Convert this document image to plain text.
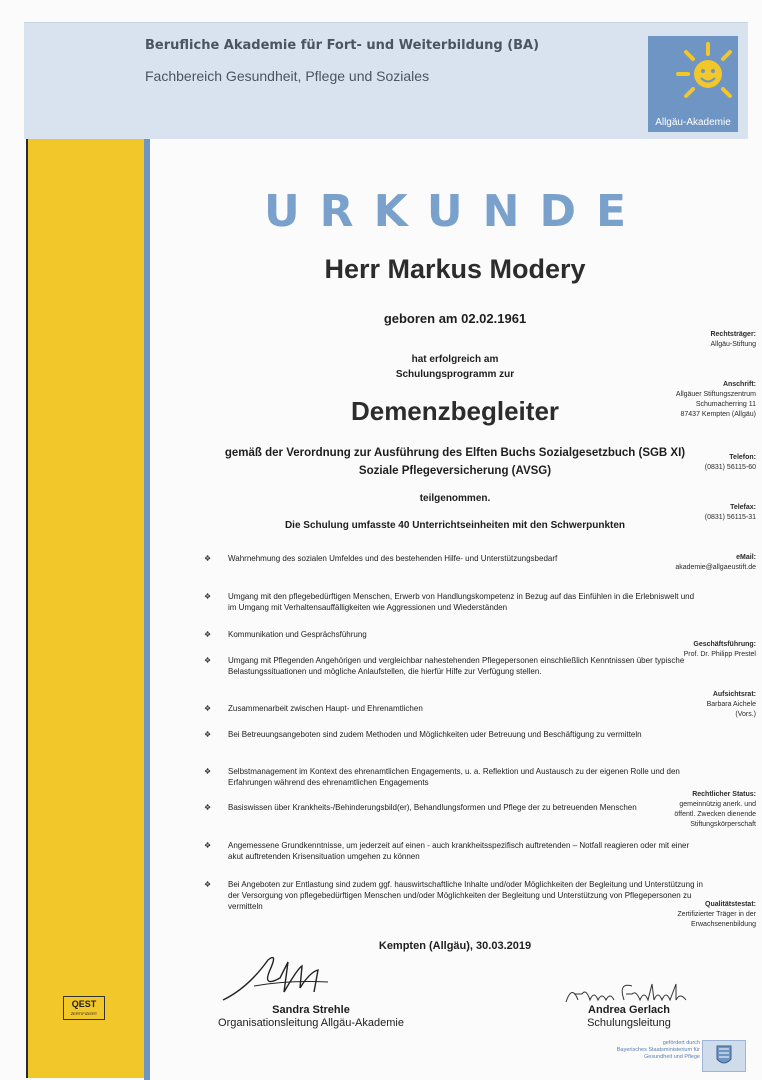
Berufliche Akademie für Fort- und Weiterbildung (BA)
Fachbereich Gesundheit, Pflege und Soziales
Allgäu-Akademie
Rechtsträger:
Allgäu-Stiftung
Anschrift:
Allgäuer Stiftungszentrum
Schumacherring 11
87437 Kempten (Allgäu)
Telefon:
(0831) 56115-60
Telefax:
(0831) 56115-31
eMail:
akademie@allgaeustift.de
Geschäftsführung:
Prof. Dr. Philipp Prestel
Aufsichtsrat:
Barbara Aichele
(Vors.)
Rechtlicher Status:
gemeinnützig anerk. und
öffentl. Zwecken dienende
Stiftungskörperschaft
Qualitätstestat:
Zertifizierter Träger in der
Erwachsenenbildung
QEST
ZERTIFIZIERT
URKUNDE
Herr Markus Modery
geboren am 02.02.1961
hat erfolgreich am
Schulungsprogramm zur
Demenzbegleiter
gemäß der Verordnung zur Ausführung des Elften Buchs Sozialgesetzbuch (SGB XI)
Soziale Pflegeversicherung (AVSG)
teilgenommen.
Die Schulung umfasste 40 Unterrichtseinheiten mit den Schwerpunkten
❖	Wahrnehmung des sozialen Umfeldes und des bestehenden Hilfe- und Unterstützungsbedarf
❖	Umgang mit den pflegebedürftigen Menschen, Erwerb von Handlungskompetenz in Bezug auf das Einfühlen in die Erlebniswelt und im Umgang mit Verhaltensauffälligkeiten wie Aggressionen und Wiederständen
❖	Kommunikation und Gesprächsführung
❖	Umgang mit Pflegenden Angehörigen und vergleichbar nahestehenden Pflegepersonen einschließlich Kenntnissen über typische Belastungssituationen und mögliche Anlaufstellen, die hierfür Hilfe zur Verfügung stellen.
❖	Zusammenarbeit zwischen Haupt- und Ehrenamtlichen
❖	Bei Betreuungsangeboten sind zudem Methoden und Möglichkeiten uder Betreuung und Beschäftigung zu vermitteln
❖	Selbstmanagement im Kontext des ehrenamtlichen Engagements, u. a. Reflektion und Austausch zu der eigenen Rolle und den Erfahrungen während des ehrenamtlichen Engagements
❖	Basiswissen über Krankheits-/Behinderungsbild(er), Behandlungsformen und Pflege der zu betreuenden Menschen
❖	Angemessene Grundkenntnisse, um jederzeit auf einen - auch krankheitsspezifisch auftretenden – Notfall reagieren oder mit einer akut auftretenden Krisensituation umgehen zu können
❖	Bei Angeboten zur Entlastung sind zudem ggf. hauswirtschaftliche Inhalte und/oder Möglichkeiten der Begleitung und Unterstützung in der Versorgung von pflegebedürftigen Menschen und/oder Möglichkeiten der Begleitung und Unterstützung von Pflegepersonen zu vermitteln
Kempten (Allgäu), 30.03.2019
Sandra Strehle
Organisationsleitung Allgäu-Akademie
Andrea Gerlach
Schulungsleitung
gefördert durch
Bayerisches Staatsministerium für
Gesundheit und Pflege
